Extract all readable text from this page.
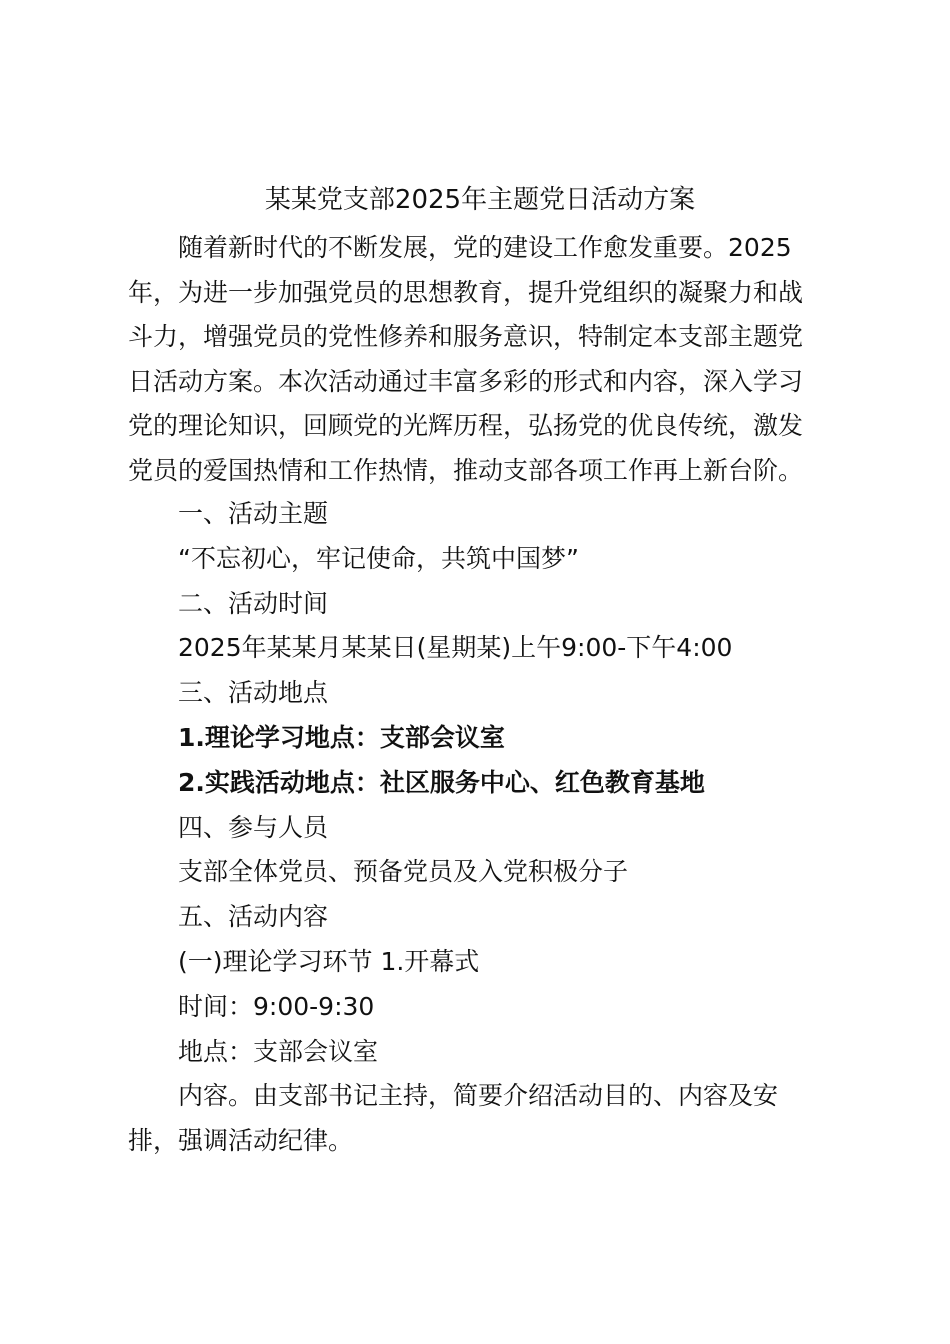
某某党支部2025年主题党日活动方案
随着新时代的不断发展，党的建设工作愈发重要。2025
年，为进一步加强党员的思想教育，提升党组织的凝聚力和战
斗力，增强党员的党性修养和服务意识，特制定本支部主题党
日活动方案。本次活动通过丰富多彩的形式和内容，深入学习
党的理论知识，回顾党的光辉历程，弘扬党的优良传统，激发
党员的爱国热情和工作热情，推动支部各项工作再上新台阶。
一、活动主题
“不忘初心，牢记使命，共筑中国梦”
二、活动时间
2025年某某月某某日(星期某)上午9:00-下午4:00
三、活动地点
1.理论学习地点：支部会议室
2.实践活动地点：社区服务中心、红色教育基地
四、参与人员
支部全体党员、预备党员及入党积极分子
五、活动内容
(一)理论学习环节 1.开幕式
时间：9:00-9:30
地点：支部会议室
内容。由支部书记主持，简要介绍活动目的、内容及安
排，强调活动纪律。
